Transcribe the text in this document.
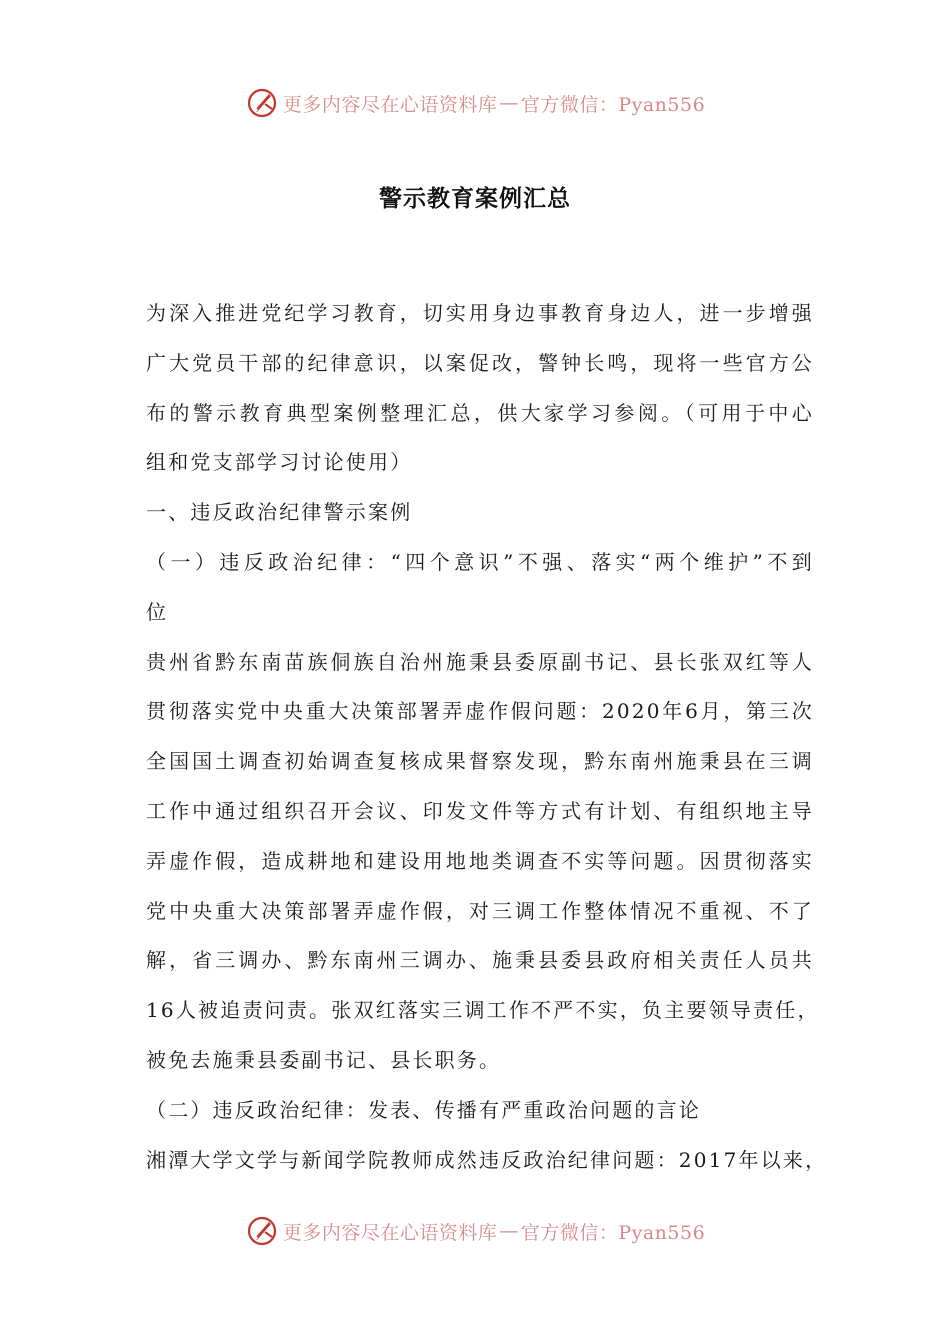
更多内容尽在心语资料库 — 官方微信：Pyan556
警示教育案例汇总
为深入推进党纪学习教育，切实用身边事教育身边人，进一步增强
广大党员干部的纪律意识，以案促改，警钟长鸣，现将一些官方公
布的警示教育典型案例整理汇总，供大家学习参阅。（可用于中心
组和党支部学习讨论使用）
一、违反政治纪律警示案例
（一）违反政治纪律：“四个意识”不强、落实“两个维护”不到
位
贵州省黔东南苗族侗族自治州施秉县委原副书记、县长张双红等人
贯彻落实党中央重大决策部署弄虚作假问题：2020年6月，第三次
全国国土调查初始调查复核成果督察发现，黔东南州施秉县在三调
工作中通过组织召开会议、印发文件等方式有计划、有组织地主导
弄虚作假，造成耕地和建设用地地类调查不实等问题。因贯彻落实
党中央重大决策部署弄虚作假，对三调工作整体情况不重视、不了
解，省三调办、黔东南州三调办、施秉县委县政府相关责任人员共
16人被追责问责。张双红落实三调工作不严不实，负主要领导责任，
被免去施秉县委副书记、县长职务。
（二）违反政治纪律：发表、传播有严重政治问题的言论
湘潭大学文学与新闻学院教师成然违反政治纪律问题：2017年以来，
更多内容尽在心语资料库 — 官方微信：Pyan556
